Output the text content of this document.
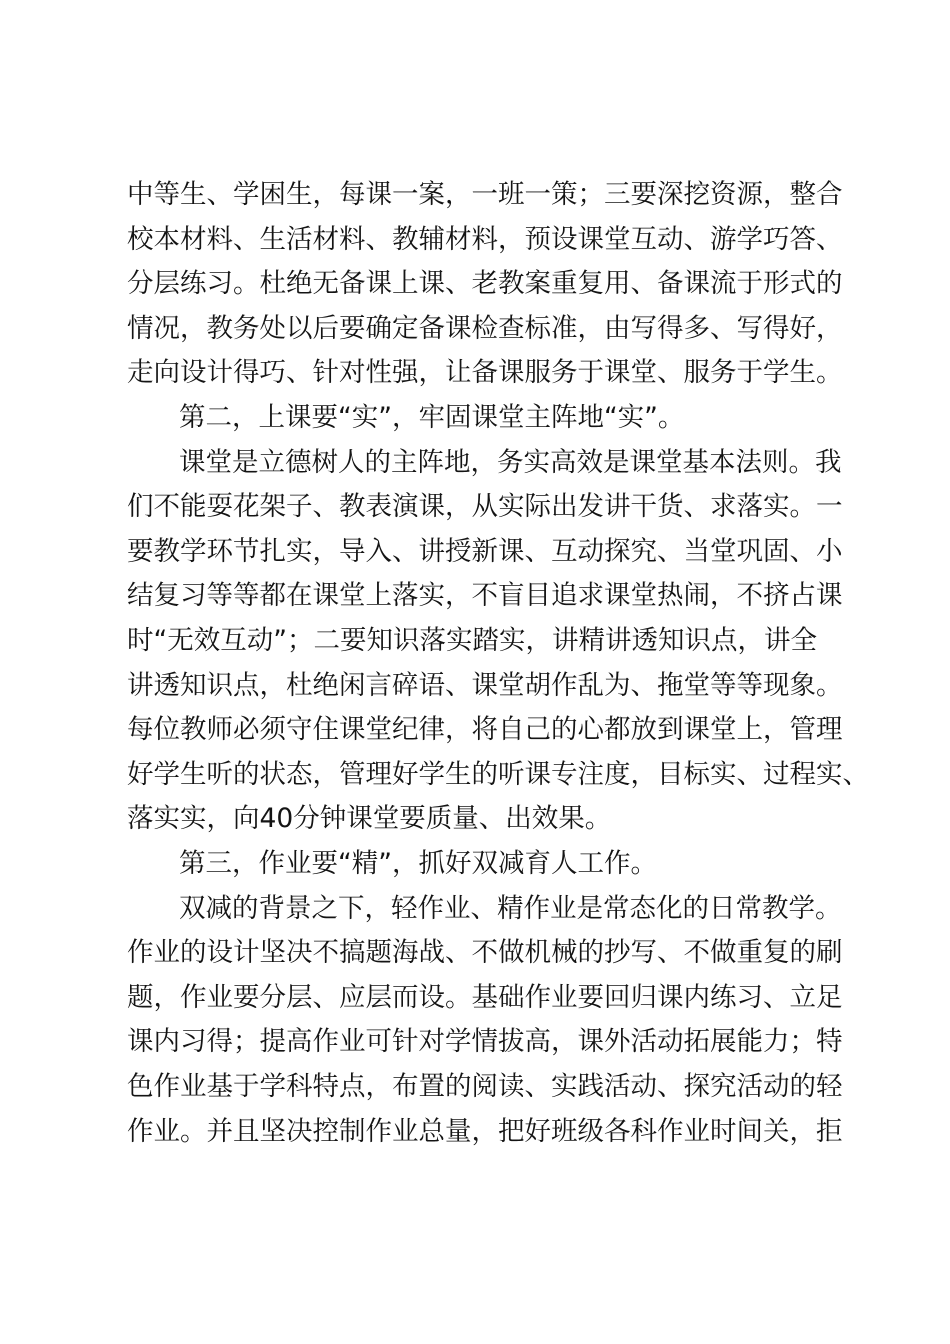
中等生、学困生，每课一案，一班一策；三要深挖资源，整合
校本材料、生活材料、教辅材料，预设课堂互动、游学巧答、
分层练习。杜绝无备课上课、老教案重复用、备课流于形式的
情况，教务处以后要确定备课检查标准，由写得多、写得好，
走向设计得巧、针对性强，让备课服务于课堂、服务于学生。
第二，上课要“实”，牢固课堂主阵地“实”。
课堂是立德树人的主阵地，务实高效是课堂基本法则。我
们不能耍花架子、教表演课，从实际出发讲干货、求落实。一
要教学环节扎实，导入、讲授新课、互动探究、当堂巩固、小
结复习等等都在课堂上落实，不盲目追求课堂热闹，不挤占课
时“无效互动”；二要知识落实踏实，讲精讲透知识点，讲全
讲透知识点，杜绝闲言碎语、课堂胡作乱为、拖堂等等现象。
每位教师必须守住课堂纪律，将自己的心都放到课堂上，管理
好学生听的状态，管理好学生的听课专注度，目标实、过程实、
落实实，向40分钟课堂要质量、出效果。
第三，作业要“精”，抓好双减育人工作。
双减的背景之下，轻作业、精作业是常态化的日常教学。
作业的设计坚决不搞题海战、不做机械的抄写、不做重复的刷
题，作业要分层、应层而设。基础作业要回归课内练习、立足
课内习得；提高作业可针对学情拔高，课外活动拓展能力；特
色作业基于学科特点，布置的阅读、实践活动、探究活动的轻
作业。并且坚决控制作业总量，把好班级各科作业时间关，拒
